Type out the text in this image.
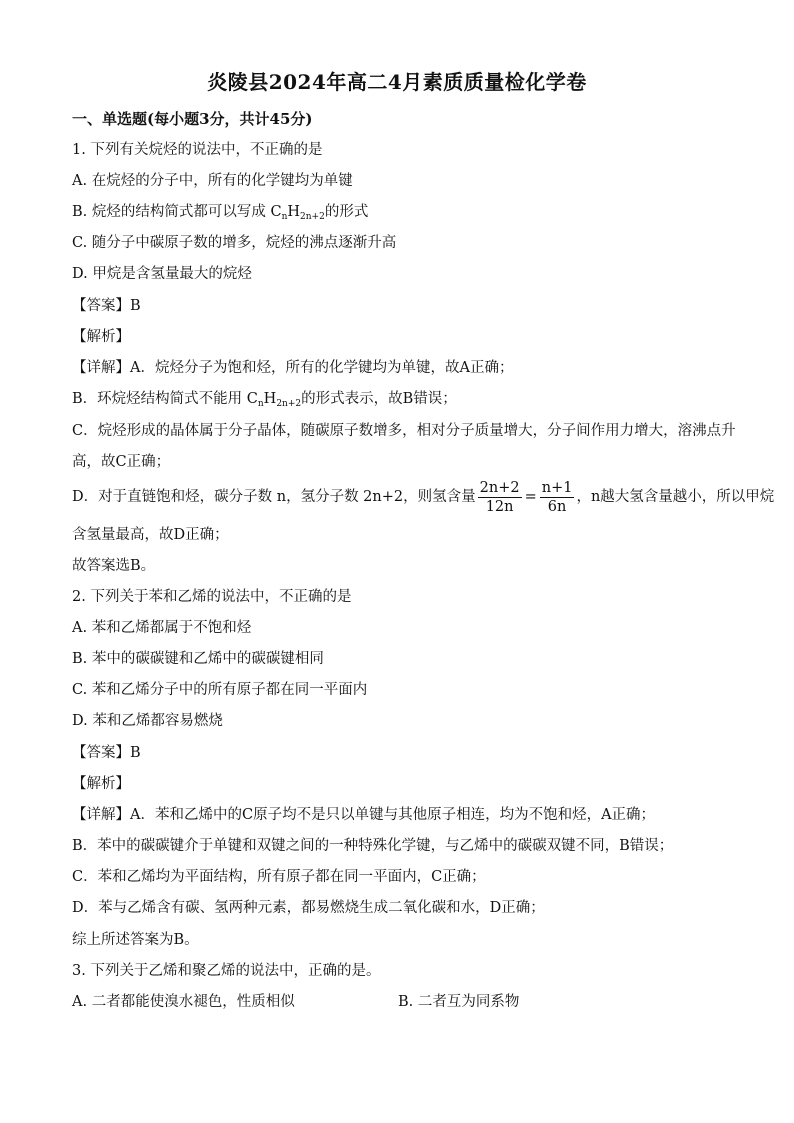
炎陵县2024年高二4月素质质量检化学卷
一、单选题(每小题3分，共计45分)
1. 下列有关烷烃的说法中，不正确的是
A. 在烷烃的分子中，所有的化学键均为单键
B. 烷烃的结构简式都可以写成 $C_nH_{2n+2}$的形式
C. 随分子中碳原子数的增多，烷烃的沸点逐渐升高
D. 甲烷是含氢量最大的烷烃
【答案】B
【解析】
【详解】A．烷烃分子为饱和烃，所有的化学键均为单键，故A正确；
B．环烷烃结构简式不能用 $C_nH_{2n+2}$的形式表示，故B错误；
C．烷烃形成的晶体属于分子晶体，随碳原子数增多，相对分子质量增大，分子间作用力增大，溶沸点升
高，故C正确；
D．对于直链饱和烃，碳分子数 n，氢分子数 2n+2，则氢含量 $\frac{2n+2}{12n} = \frac{n+1}{6n}$ ，n越大氢含量越小，所以甲烷
含氢量最高，故D正确；
故答案选B。
2. 下列关于苯和乙烯的说法中，不正确的是
A. 苯和乙烯都属于不饱和烃
B. 苯中的碳碳键和乙烯中的碳碳键相同
C. 苯和乙烯分子中的所有原子都在同一平面内
D. 苯和乙烯都容易燃烧
【答案】B
【解析】
【详解】A．苯和乙烯中的C原子均不是只以单键与其他原子相连，均为不饱和烃，A正确；
B．苯中的碳碳键介于单键和双键之间的一种特殊化学键，与乙烯中的碳碳双键不同，B错误；
C．苯和乙烯均为平面结构，所有原子都在同一平面内，C正确；
D．苯与乙烯含有碳、氢两种元素，都易燃烧生成二氧化碳和水，D正确；
综上所述答案为B。
3. 下列关于乙烯和聚乙烯的说法中，正确的是。
A. 二者都能使溴水褪色，性质相似	B. 二者互为同系物
